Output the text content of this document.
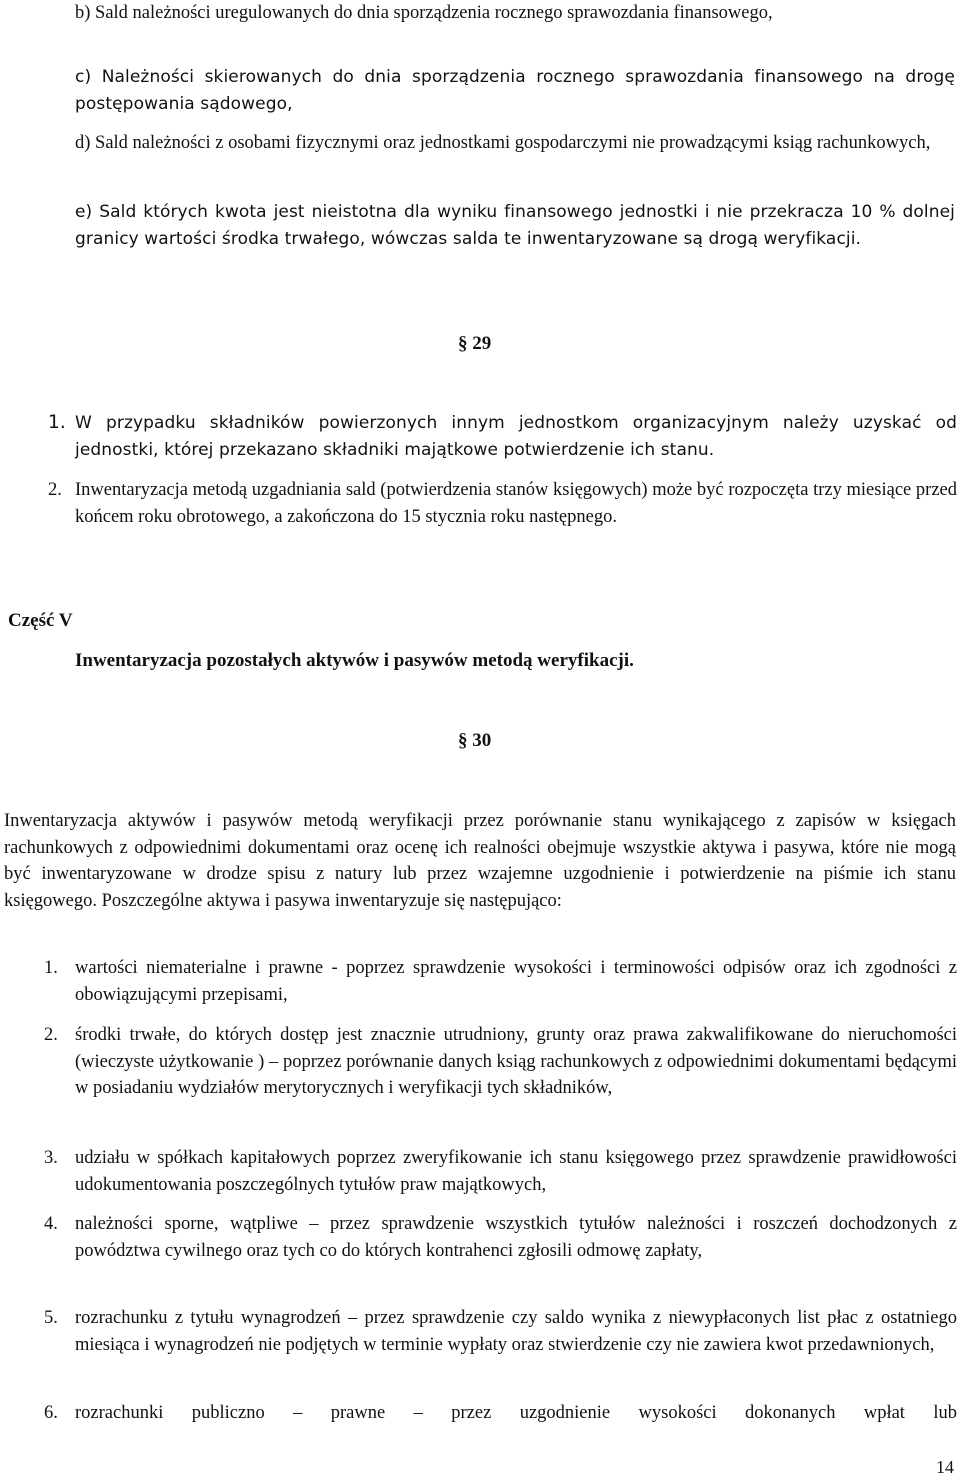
b) Sald należności uregulowanych do dnia sporządzenia rocznego sprawozdania finansowego,
c) Należności skierowanych do dnia sporządzenia rocznego sprawozdania finansowego na drogę postępowania sądowego,
d) Sald należności z osobami fizycznymi oraz jednostkami gospodarczymi nie prowadzącymi ksiąg rachunkowych,
e) Sald których kwota jest nieistotna dla wyniku finansowego jednostki i nie przekracza 10 % dolnej granicy wartości środka trwałego, wówczas salda te inwentaryzowane są drogą weryfikacji.
§ 29
1. W przypadku składników powierzonych innym jednostkom organizacyjnym należy uzyskać od jednostki, której przekazano składniki majątkowe potwierdzenie ich stanu.
2. Inwentaryzacja metodą uzgadniania sald (potwierdzenia stanów księgowych) może być rozpoczęta trzy miesiące przed końcem roku obrotowego, a zakończona do 15 stycznia roku następnego.
Część V
Inwentaryzacja pozostałych aktywów i pasywów metodą weryfikacji.
§ 30
Inwentaryzacja aktywów i pasywów metodą weryfikacji przez porównanie stanu wynikającego z zapisów w księgach rachunkowych z odpowiednimi dokumentami oraz ocenę ich realności obejmuje wszystkie aktywa i pasywa, które nie mogą być inwentaryzowane w drodze spisu z natury lub przez wzajemne uzgodnienie i potwierdzenie na piśmie ich stanu księgowego. Poszczególne aktywa i pasywa inwentaryzuje się następująco:
1. wartości niematerialne i prawne - poprzez sprawdzenie wysokości i terminowości odpisów oraz ich zgodności z obowiązującymi przepisami,
2. środki trwałe, do których dostęp jest znacznie utrudniony, grunty oraz prawa zakwalifikowane do nieruchomości (wieczyste użytkowanie ) – poprzez porównanie danych ksiąg rachunkowych z odpowiednimi dokumentami będącymi w posiadaniu wydziałów merytorycznych i weryfikacji tych składników,
3. udziału w spółkach kapitałowych poprzez zweryfikowanie ich stanu księgowego przez sprawdzenie prawidłowości udokumentowania poszczególnych tytułów praw majątkowych,
4. należności sporne, wątpliwe – przez sprawdzenie wszystkich tytułów należności i roszczeń dochodzonych z powództwa cywilnego oraz tych co do których kontrahenci zgłosili odmowę zapłaty,
5. rozrachunku z tytułu wynagrodzeń – przez sprawdzenie czy saldo wynika z niewypłaconych list płac z ostatniego miesiąca i wynagrodzeń nie podjętych w terminie wypłaty oraz stwierdzenie czy nie zawiera kwot przedawnionych,
6. rozrachunki publiczno – prawne – przez uzgodnienie wysokości dokonanych wpłat lub
14
